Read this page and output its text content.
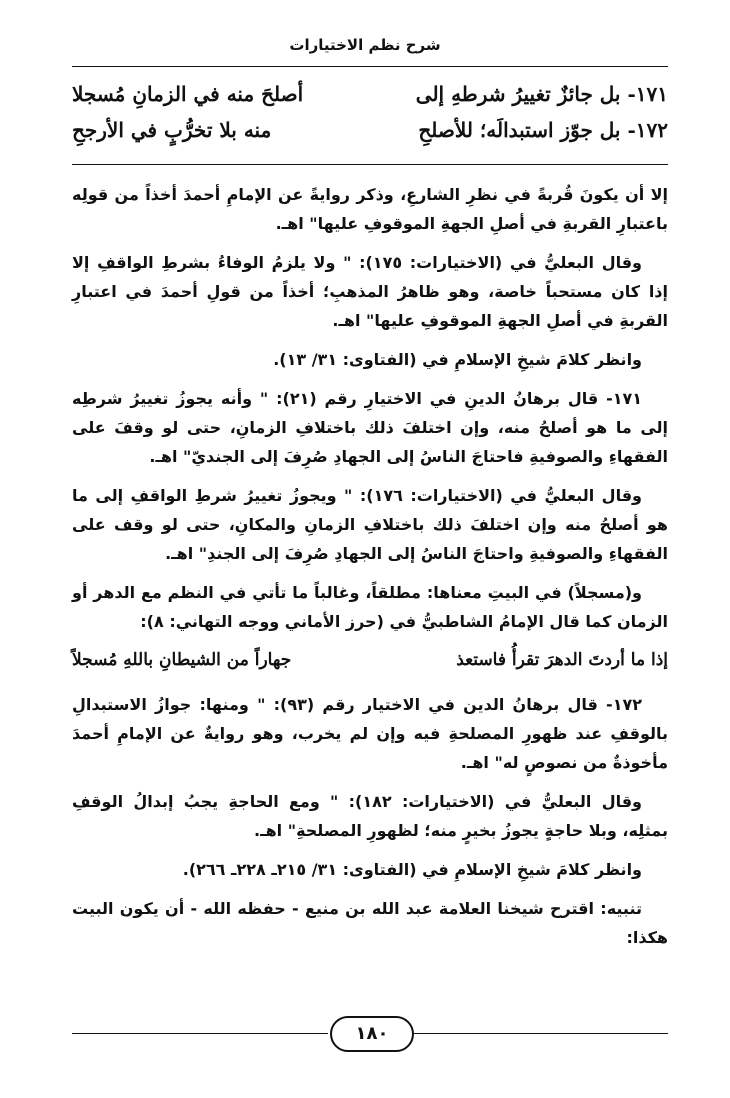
شرح نظم الاختيارات
١٧١- بل جائزٌ تغييرُ شرطهِ إلى
أصلحَ منه في الزمانِ مُسجلا
١٧٢- بل جوّز استبدالَه؛ للأصلحِ
منه بلا تخرُّبٍ في الأرجحِ

إلا أن يكونَ قُربةً في نظرِ الشارعِ، وذكر روايةً عن الإمامِ أحمدَ أخذاً من قولِه باعتبارِ القربةِ في أصلِ الجهةِ الموقوفِ عليها" اهـ.

وقال البعليُّ في (الاختيارات: ١٧٥): " ولا يلزمُ الوفاءُ بشرطِ الواقفِ إلا إذا كان مستحباً خاصة، وهو ظاهرُ المذهبِ؛ أخذاً من قولِ أحمدَ في اعتبارِ القربةِ في أصلِ الجهةِ الموقوفِ عليها" اهـ.

وانظر كلامَ شيخِ الإسلامِ في (الفتاوى: ٣١/ ١٣).

١٧١- قال برهانُ الدينِ في الاختيارِ رقم (٢١): " وأنه يجوزُ تغييرُ شرطِه إلى ما هو أصلحُ منه، وإن اختلفَ ذلك باختلافِ الزمانِ، حتى لو وقفَ على الفقهاءِ والصوفيةِ فاحتاجَ الناسُ إلى الجهادِ صُرِفَ إلى الجنديّ" اهـ.

وقال البعليُّ في (الاختيارات: ١٧٦): " ويجوزُ تغييرُ شرطِ الواقفِ إلى ما هو أصلحُ منه وإن اختلفَ ذلك باختلافِ الزمانِ والمكانِ، حتى لو وقف على الفقهاءِ والصوفيةِ واحتاجَ الناسُ إلى الجهادِ صُرِفَ إلى الجندِ" اهـ.

و(مسجلاً) في البيتِ معناها: مطلقاً، وغالباً ما تأتي في النظم مع الدهر أو الزمان كما قال الإمامُ الشاطبيُّ في (حرز الأماني ووجه التهاني: ٨):

إذا ما أردتَ الدهرَ تقرأُ فاستعذ
جهاراً من الشيطانِ باللهِ مُسجلاً

١٧٢- قال برهانُ الدين في الاختيار رقم (٩٣): " ومنها: جوازُ الاستبدالِ بالوقفِ عند ظهورِ المصلحةِ فيه وإن لم يخرب، وهو روايةٌ عن الإمامِ أحمدَ مأخوذةٌ من نصوصٍ له" اهـ.

وقال البعليُّ في (الاختيارات: ١٨٢): " ومع الحاجةِ يجبُ إبدالُ الوقفِ بمثلِه، وبلا حاجةٍ يجوزُ بخيرٍ منه؛ لظهورِ المصلحةِ" اهـ.

وانظر كلامَ شيخِ الإسلامِ في (الفتاوى: ٣١/ ٢١٥ـ ٢٢٨ـ ٢٦٦).

تنبيه: اقترح شيخنا العلامة عبد الله بن منيع - حفظه الله - أن يكون البيت هكذا:

١٨٠
